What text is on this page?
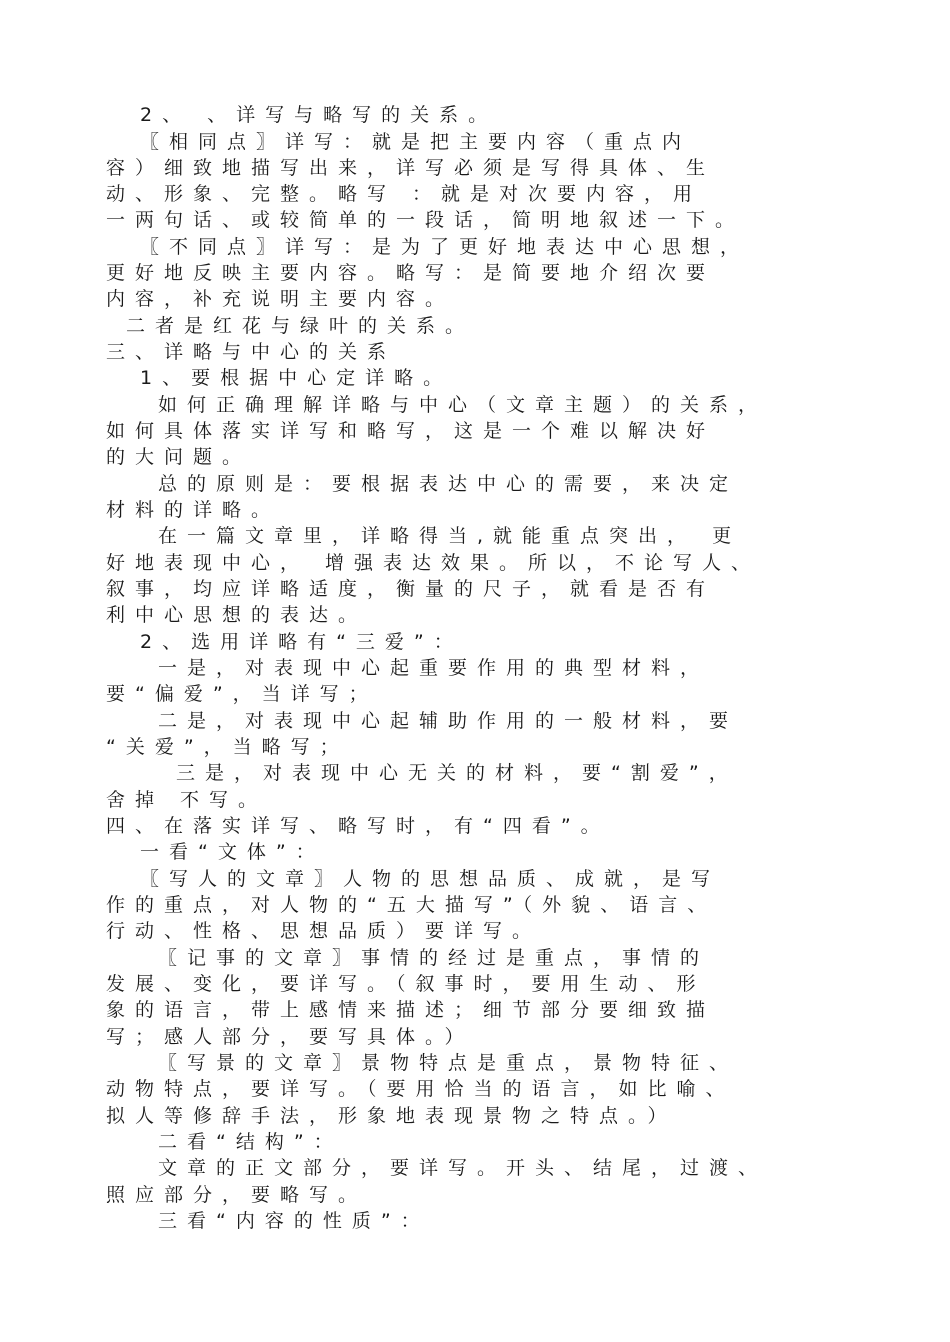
2、 、详写与略写的关系。
〖相同点〗详写：就是把主要内容（重点内
容）细致地描写出来，详写必须是写得具体、生
动、形象、完整。略写 ：就是对次要内容，用
一两句话、或较简单的一段话，简明地叙述一下。
〖不同点〗详写：是为了更好地表达中心思想，
更好地反映主要内容。略写：是简要地介绍次要
内容，补充说明主要内容。
二者是红花与绿叶的关系。
三、详略与中心的关系
1、要根据中心定详略。
如何正确理解详略与中心（文章主题）的关系，
如何具体落实详写和略写，这是一个难以解决好
的大问题。
总的原则是：要根据表达中心的需要，来决定
材料的详略。
在一篇文章里，详略得当,就能重点突出， 更
好地表现中心， 增强表达效果。所以，不论写人、
叙事，均应详略适度，衡量的尺子，就看是否有
利中心思想的表达。
2、选用详略有“三爱”：
一是，对表现中心起重要作用的典型材料，
要“偏爱”，当详写；
二是，对表现中心起辅助作用的一般材料，要
“关爱”，当略写；
三是，对表现中心无关的材料，要“割爱”，
舍掉 不写。
四、在落实详写、略写时，有“四看”。
一看“文体”：
〖写人的文章〗人物的思想品质、成就，是写
作的重点，对人物的“五大描写”（外貌、语言、
行动、性格、思想品质）要详写。
〖记事的文章〗事情的经过是重点，事情的
发展、变化，要详写。（叙事时，要用生动、形
象的语言，带上感情来描述；细节部分要细致描
写；感人部分，要写具体。）
〖写景的文章〗景物特点是重点，景物特征、
动物特点，要详写。（要用恰当的语言，如比喻、
拟人等修辞手法，形象地表现景物之特点。）
二看“结构”：
文章的正文部分，要详写。开头、结尾，过渡、
照应部分，要略写。
三看“内容的性质”：
